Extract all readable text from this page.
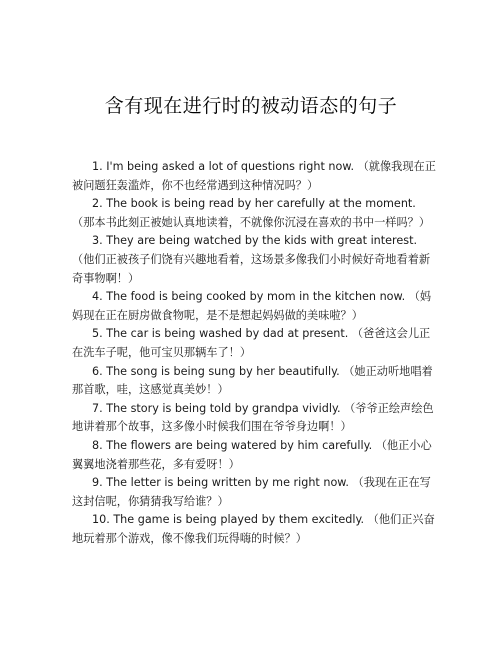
含有现在进行时的被动语态的句子
1. I'm being asked a lot of questions right now. （就像我现在正被问题狂轰滥炸，你不也经常遇到这种情况吗？）
2. The book is being read by her carefully at the moment. （那本书此刻正被她认真地读着，不就像你沉浸在喜欢的书中一样吗？）
3. They are being watched by the kids with great interest. （他们正被孩子们饶有兴趣地看着，这场景多像我们小时候好奇地看着新奇事物啊！）
4. The food is being cooked by mom in the kitchen now. （妈妈现在正在厨房做食物呢，是不是想起妈妈做的美味啦？）
5. The car is being washed by dad at present. （爸爸这会儿正在洗车子呢，他可宝贝那辆车了！）
6. The song is being sung by her beautifully. （她正动听地唱着那首歌，哇，这感觉真美妙！）
7. The story is being told by grandpa vividly. （爷爷正绘声绘色地讲着那个故事，这多像小时候我们围在爷爷身边啊！）
8. The flowers are being watered by him carefully. （他正小心翼翼地浇着那些花，多有爱呀！）
9. The letter is being written by me right now. （我现在正在写这封信呢，你猜猜我写给谁？）
10. The game is being played by them excitedly. （他们正兴奋地玩着那个游戏，像不像我们玩得嗨的时候？）
